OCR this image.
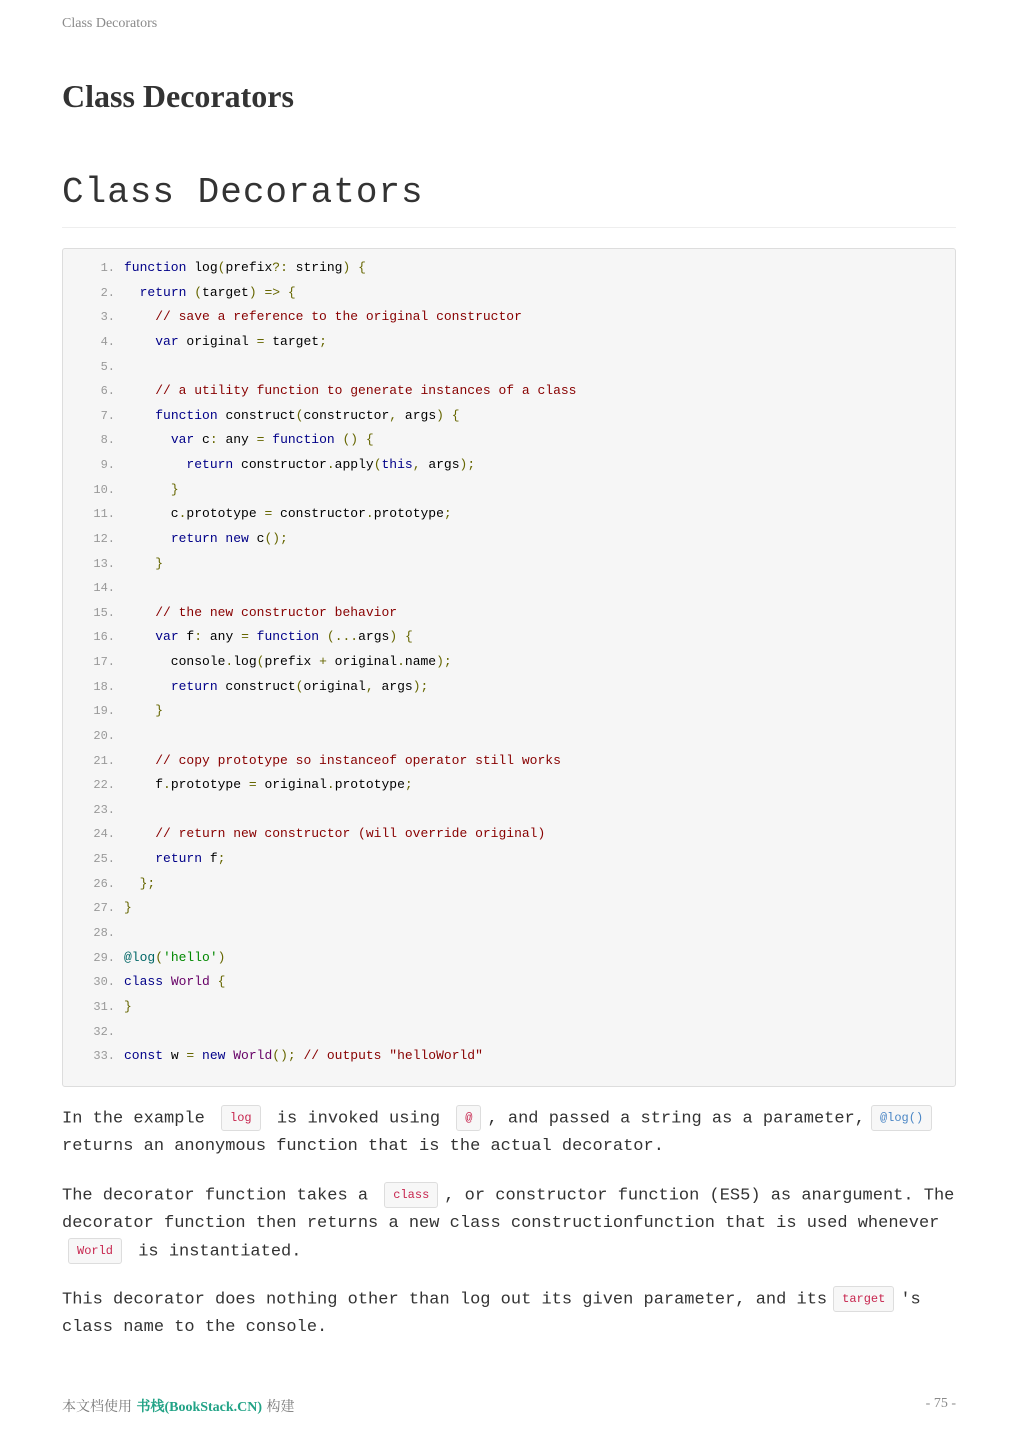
Class Decorators
Class Decorators
Class Decorators
1. function log(prefix?: string) {
2. return (target) => {
3.	// save a reference to the original constructor
4.	var original = target;
5.
6.	// a utility function to generate instances of a class
7.	function construct(constructor, args) {
8.	var c: any = function () {
9.	return constructor.apply(this, args);
10.	}
11.      c.prototype = constructor.prototype;
12.	return new c();
13.	}
14.
15.	// the new constructor behavior
16.	var f: any = function (...args) {
17.      console.log(prefix + original.name);
18.	return construct(original, args);
19.	}
20.
21.	// copy prototype so instanceof operator still works
22.    f.prototype = original.prototype;
23.
24.	// return new constructor (will override original)
25.	return f;
26. };
27. }
28.
29. @log('hello')
30. class World {
31. }
32.
33. const w = new World(); // outputs "helloWorld"

In the example log is invoked using @ , and passed a string as a parameter, @log()
returns an anonymous function that is the actual decorator.

The decorator function takes a class , or constructor function (ES5) as anargument. The decorator function then returns a new class constructionfunction that is used whenever World is instantiated.

This decorator does nothing other than log out its given parameter, and its target 's class name to the console.

本文档使用 书栈(BookStack.CN) 构建	- 75 -
